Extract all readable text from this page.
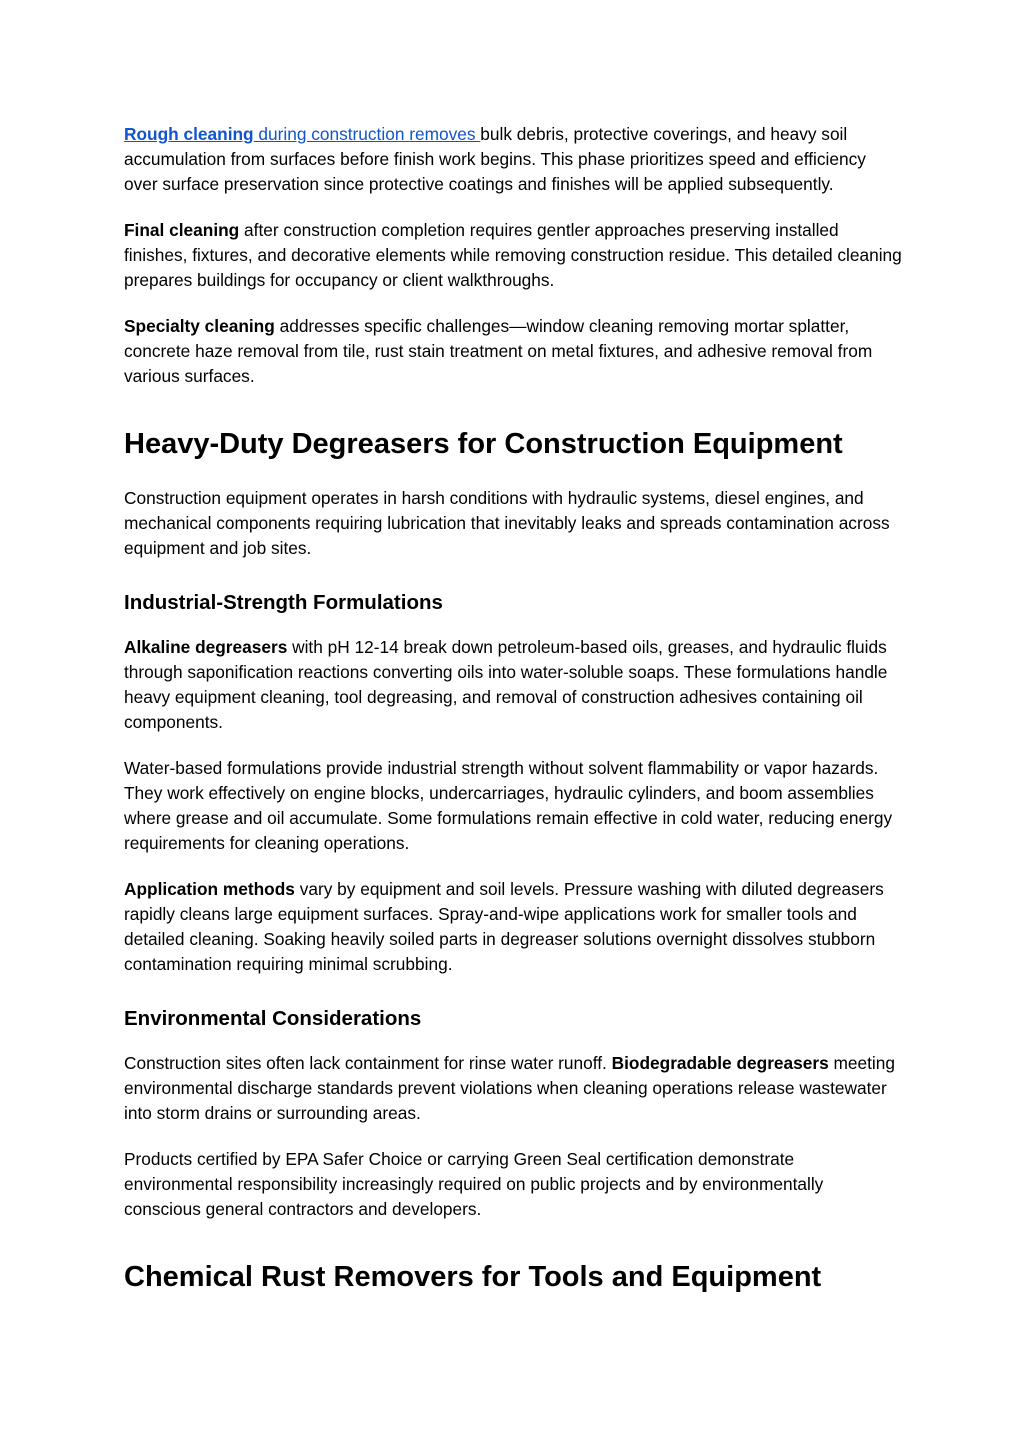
Rough cleaning during construction removes bulk debris, protective coverings, and heavy soil accumulation from surfaces before finish work begins. This phase prioritizes speed and efficiency over surface preservation since protective coatings and finishes will be applied subsequently.

Final cleaning after construction completion requires gentler approaches preserving installed finishes, fixtures, and decorative elements while removing construction residue. This detailed cleaning prepares buildings for occupancy or client walkthroughs.

Specialty cleaning addresses specific challenges—window cleaning removing mortar splatter, concrete haze removal from tile, rust stain treatment on metal fixtures, and adhesive removal from various surfaces.

Heavy-Duty Degreasers for Construction Equipment

Construction equipment operates in harsh conditions with hydraulic systems, diesel engines, and mechanical components requiring lubrication that inevitably leaks and spreads contamination across equipment and job sites.

Industrial-Strength Formulations

Alkaline degreasers with pH 12-14 break down petroleum-based oils, greases, and hydraulic fluids through saponification reactions converting oils into water-soluble soaps. These formulations handle heavy equipment cleaning, tool degreasing, and removal of construction adhesives containing oil components.

Water-based formulations provide industrial strength without solvent flammability or vapor hazards. They work effectively on engine blocks, undercarriages, hydraulic cylinders, and boom assemblies where grease and oil accumulate. Some formulations remain effective in cold water, reducing energy requirements for cleaning operations.

Application methods vary by equipment and soil levels. Pressure washing with diluted degreasers rapidly cleans large equipment surfaces. Spray-and-wipe applications work for smaller tools and detailed cleaning. Soaking heavily soiled parts in degreaser solutions overnight dissolves stubborn contamination requiring minimal scrubbing.

Environmental Considerations

Construction sites often lack containment for rinse water runoff. Biodegradable degreasers meeting environmental discharge standards prevent violations when cleaning operations release wastewater into storm drains or surrounding areas.

Products certified by EPA Safer Choice or carrying Green Seal certification demonstrate environmental responsibility increasingly required on public projects and by environmentally conscious general contractors and developers.

Chemical Rust Removers for Tools and Equipment
